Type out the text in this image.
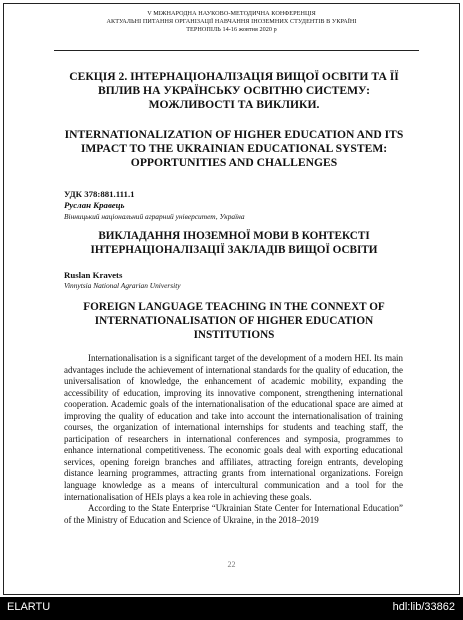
V МІЖНАРОДНА НАУКОВО-МЕТОДИЧНА КОНФЕРЕНЦІЯ
АКТУАЛЬНІ ПИТАННЯ ОРГАНІЗАЦІЇ НАВЧАННЯ ІНОЗЕМНИХ СТУДЕНТІВ В УКРАЇНІ
ТЕРНОПІЛЬ 14-16 жовтня 2020 р
СЕКЦІЯ 2. ІНТЕРНАЦІОНАЛІЗАЦІЯ ВИЩОЇ ОСВІТИ ТА ЇЇ
ВПЛИВ НА УКРАЇНСЬКУ ОСВІТНЮ СИСТЕМУ:
МОЖЛИВОСТІ ТА ВИКЛИКИ.
INTERNATIONALIZATION OF HIGHER EDUCATION AND ITS
IMPACT TO THE UKRAINIAN EDUCATIONAL SYSTEM:
OPPORTUNITIES AND CHALLENGES
УДК 378:881.111.1
Руслан Кравець
Вінницький національний аграрний університет, Україна
ВИКЛАДАННЯ ІНОЗЕМНОЇ МОВИ В КОНТЕКСТІ
ІНТЕРНАЦІОНАЛІЗАЦІЇ ЗАКЛАДІВ ВИЩОЇ ОСВІТИ
Ruslan Kravets
Vinnytsia National Agrarian University
FOREIGN LANGUAGE TEACHING IN THE CONNEXT OF
INTERNATIONALISATION OF HIGHER EDUCATION
INSTITUTIONS

Internationalisation is a significant target of the development of a modern HEI. Its main advantages include the achievement of international standards for the quality of education, the universalisation of knowledge, the enhancement of academic mobility, expanding the accessibility of education, improving its innovative component, strengthening international cooperation. Academic goals of the internationalisation of the educational space are aimed at improving the quality of education and take into account the internationalisation of training courses, the organization of international internships for students and teaching staff, the participation of researchers in international conferences and symposia, programmes to enhance international competitiveness. The economic goals deal with exporting educational services, opening foreign branches and affiliates, attracting foreign entrants, developing distance learning programmes, attracting grants from international organizations. Foreign language knowledge as a means of intercultural communication and a tool for the internationalisation of HEIs plays a kea role in achieving these goals.

According to the State Enterprise “Ukrainian State Center for International Education” of the Ministry of Education and Science of Ukraine, in the 2018–2019

22
ELARTU	hdl:lib/33862
